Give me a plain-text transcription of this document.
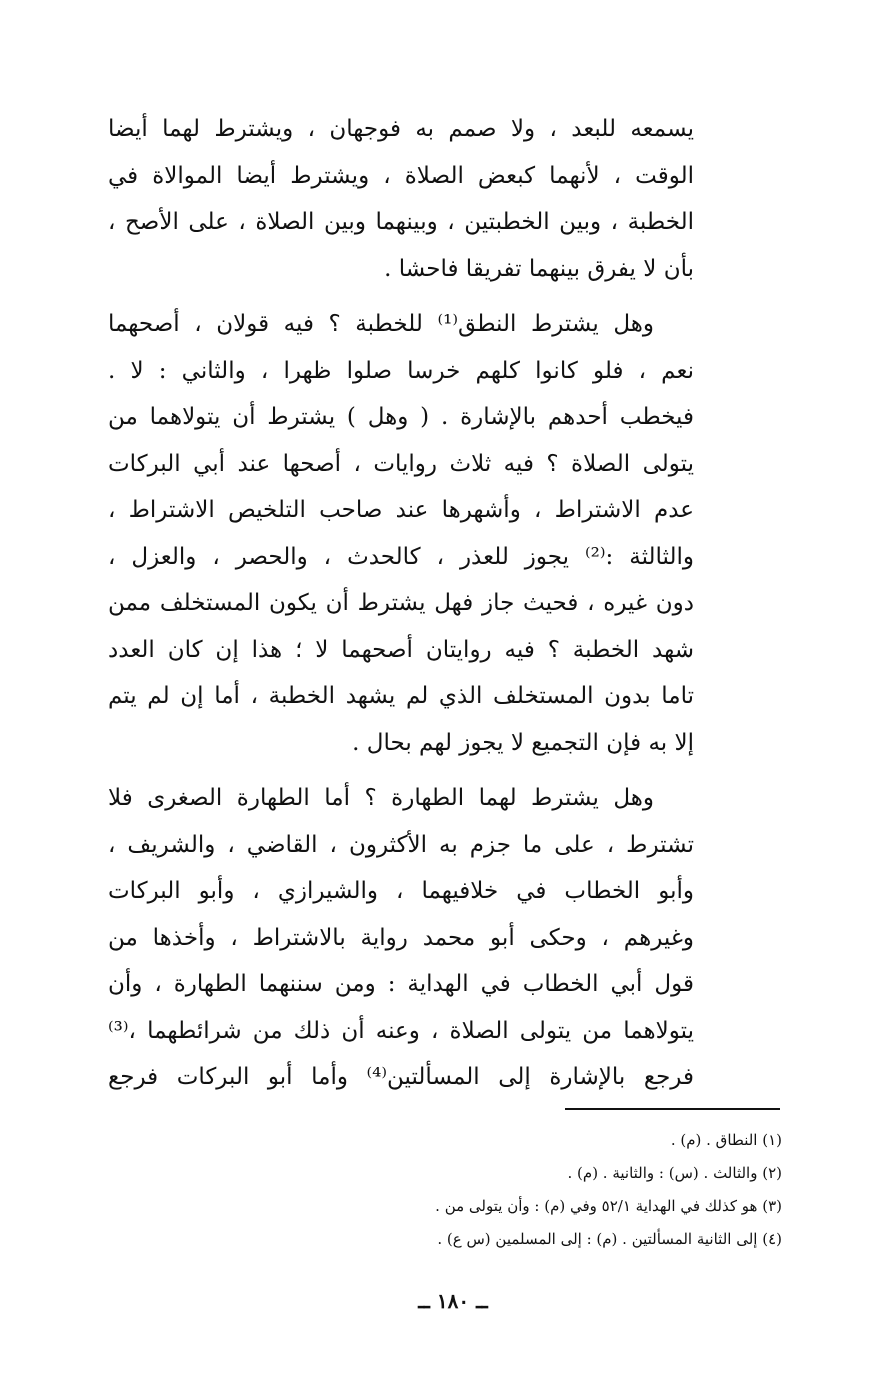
يسمعه للبعد ، ولا صمم به فوجهان ، ويشترط لهما أيضا
الوقت ، لأنهما كبعض الصلاة ، ويشترط أيضا الموالاة في
الخطبة ، وبين الخطبتين ، وبينهما وبين الصلاة ، على الأصح ،
بأن لا يفرق بينهما تفريقا فاحشا .
وهل يشترط النطق⁽¹⁾ للخطبة ؟ فيه قولان ، أصحهما
نعم ، فلو كانوا كلهم خرسا صلوا ظهرا ، والثاني : لا .
فيخطب أحدهم بالإشارة . ( وهل ) يشترط أن يتولاهما من
يتولى الصلاة ؟ فيه ثلاث روايات ، أصحها عند أبي البركات
عدم الاشتراط ، وأشهرها عند صاحب التلخيص الاشتراط ،
والثالثة :⁽²⁾ يجوز للعذر ، كالحدث ، والحصر ، والعزل ،
دون غيره ، فحيث جاز فهل يشترط أن يكون المستخلف ممن
شهد الخطبة ؟ فيه روايتان أصحهما لا ؛ هذا إن كان العدد
تاما بدون المستخلف الذي لم يشهد الخطبة ، أما إن لم يتم
إلا به فإن التجميع لا يجوز لهم بحال .
وهل يشترط لهما الطهارة ؟ أما الطهارة الصغرى فلا
تشترط ، على ما جزم به الأكثرون ، القاضي ، والشريف ،
وأبو الخطاب في خلافيهما ، والشيرازي ، وأبو البركات
وغيرهم ، وحكى أبو محمد رواية بالاشتراط ، وأخذها من
قول أبي الخطاب في الهداية : ومن سننهما الطهارة ، وأن
يتولاهما من يتولى الصلاة ، وعنه أن ذلك من شرائطهما ،⁽³⁾
فرجع بالإشارة إلى المسألتين⁽⁴⁾ وأما أبو البركات فرجع
(١) النطاق . (م) .
(٢) والثالث . (س) : والثانية . (م) .
(٣) هو كذلك في الهداية ٥٢/١ وفي (م) : وأن يتولى من .
(٤) إلى الثانية المسألتين . (م) : إلى المسلمين (س ع) .
ــ ١٨٠ ــ
